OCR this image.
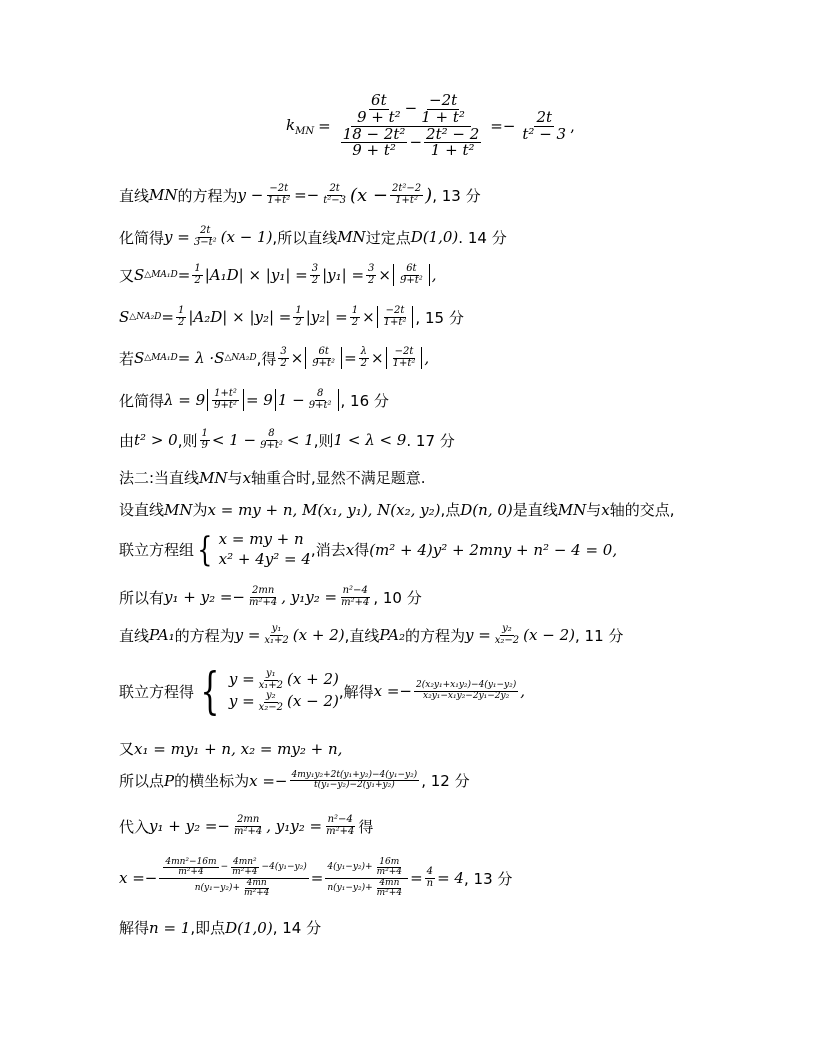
$k_{MN} = \frac{\frac{6t}{\text{9 + t²}} - \frac{-2t}{\text{1 + t²}}}{\frac{\text{18 − 2t²}}{\text{9 + t²}} - \frac{\text{2t² − 2}}{\text{1 + t²}}} =- \frac{2t}{\text{t² − 3}}$ ,
直线 MN 的方程为 $y - \frac{-2t}{\text{1+t²}} =- \frac{2t}{\text{t²−3}} (x - \frac{\text{2t²−2}}{\text{1+t²}}$ ) , 13 分
化简得 $y = \frac{2t}{\text{3−t²}} (x - 1)$ ,所以直线 MN 过定点 D(1,0) . 14 分
又 S △MA₁D = $\frac{1}{2} |A_1D| \times |y_1| = \frac{3}{2} |y_1| = \frac{3}{2} \times \frac{6t}{\text{9+t²}}$ ,
S △NA₂D = $\frac{1}{2} |A_2D| \times |y_2| = \frac{1}{2} |y_2| = \frac{1}{2} \times \frac{-2t}{\text{1+t²}}$ , 15 分
若 S △MA₁D = λ · S △NA₂D ,得 $\frac{3}{2} \times \frac{6t}{\text{9+t²}} = \frac{\lambda}{2} \times \frac{-2t}{\text{1+t²}}$ ,
化简得 $\lambda = 9 \frac{\text{1+t²}}{\text{9+t²}} = 9$ $1 - \frac{8}{\text{9+t²}}$ , 16 分
由 t² > 0 ,则 $\frac{1}{9} < 1 - \frac{8}{\text{9+t²}} < 1$ ,则 1 < λ < 9 . 17 分
法二:当直线 MN 与 x 轴重合时,显然不满足题意.
设直线 MN 为 x = my + n, M(x₁, y₁), N(x₂, y₂) ,点 D(n, 0) 是直线 MN 与 x 轴的交点,
联立方程组 { x = my + n
x² + 4y² = 4 ,消去 x 得 (m² + 4)y² + 2mny + n² − 4 = 0 ,
所以有 $y_1 + y_2 =- \frac{2mn}{\text{m²+4}}$ , $y_1y_2 = \frac{\text{n²−4}}{\text{m²+4}}$ , 10 分
直线 PA₁ 的方程为 $y = \frac{\text{y₁}}{\text{x₁+2}} (x + 2)$ ,直线 PA₂ 的方程为 $y = \frac{\text{y₂}}{\text{x₂−2}} (x - 2)$ , 11 分
联立方程得 { $y = \frac{\text{y₁}}{\text{x₁+2}} (x + 2)$
$y = \frac{\text{y₂}}{\text{x₂−2}} (x - 2)$
,解得 $x =- \frac{\text{2(x₂y₁+x₁y₂)−4(y₁−y₂)}}{\text{x₂y₁−x₁y₂−2y₁−2y₂}}$ ,
又 x₁ = my₁ + n, x₂ = my₂ + n ,
所以点 P 的横坐标为 $x =- \frac{\text{4my₁y₂+2t(y₁+y₂)−4(y₁−y₂)}}{\text{t(y₁−y₂)−2(y₁+y₂)}}$ , 12 分
代入 $y_1 + y_2 =- \frac{2mn}{\text{m²+4}}$ , $y_1y_2 = \frac{\text{n²−4}}{\text{m²+4}}$ 得
$x =- \frac{\frac{\text{4mn²−16m}}{\text{m²+4}} - \frac{\text{4mn²}}{\text{m²+4}} -4(y_1-y_2)}{n(y_1-y_2)+ \frac{4mn}{\text{m²+4}}} = \frac{4(y_1-y_2)+ \frac{16m}{\text{m²+4}}}{n(y_1-y_2)+ \frac{4mn}{\text{m²+4}}} = \frac{4}{n} = 4$ , 13 分
解得 n = 1 ,即点 D(1,0) , 14 分
